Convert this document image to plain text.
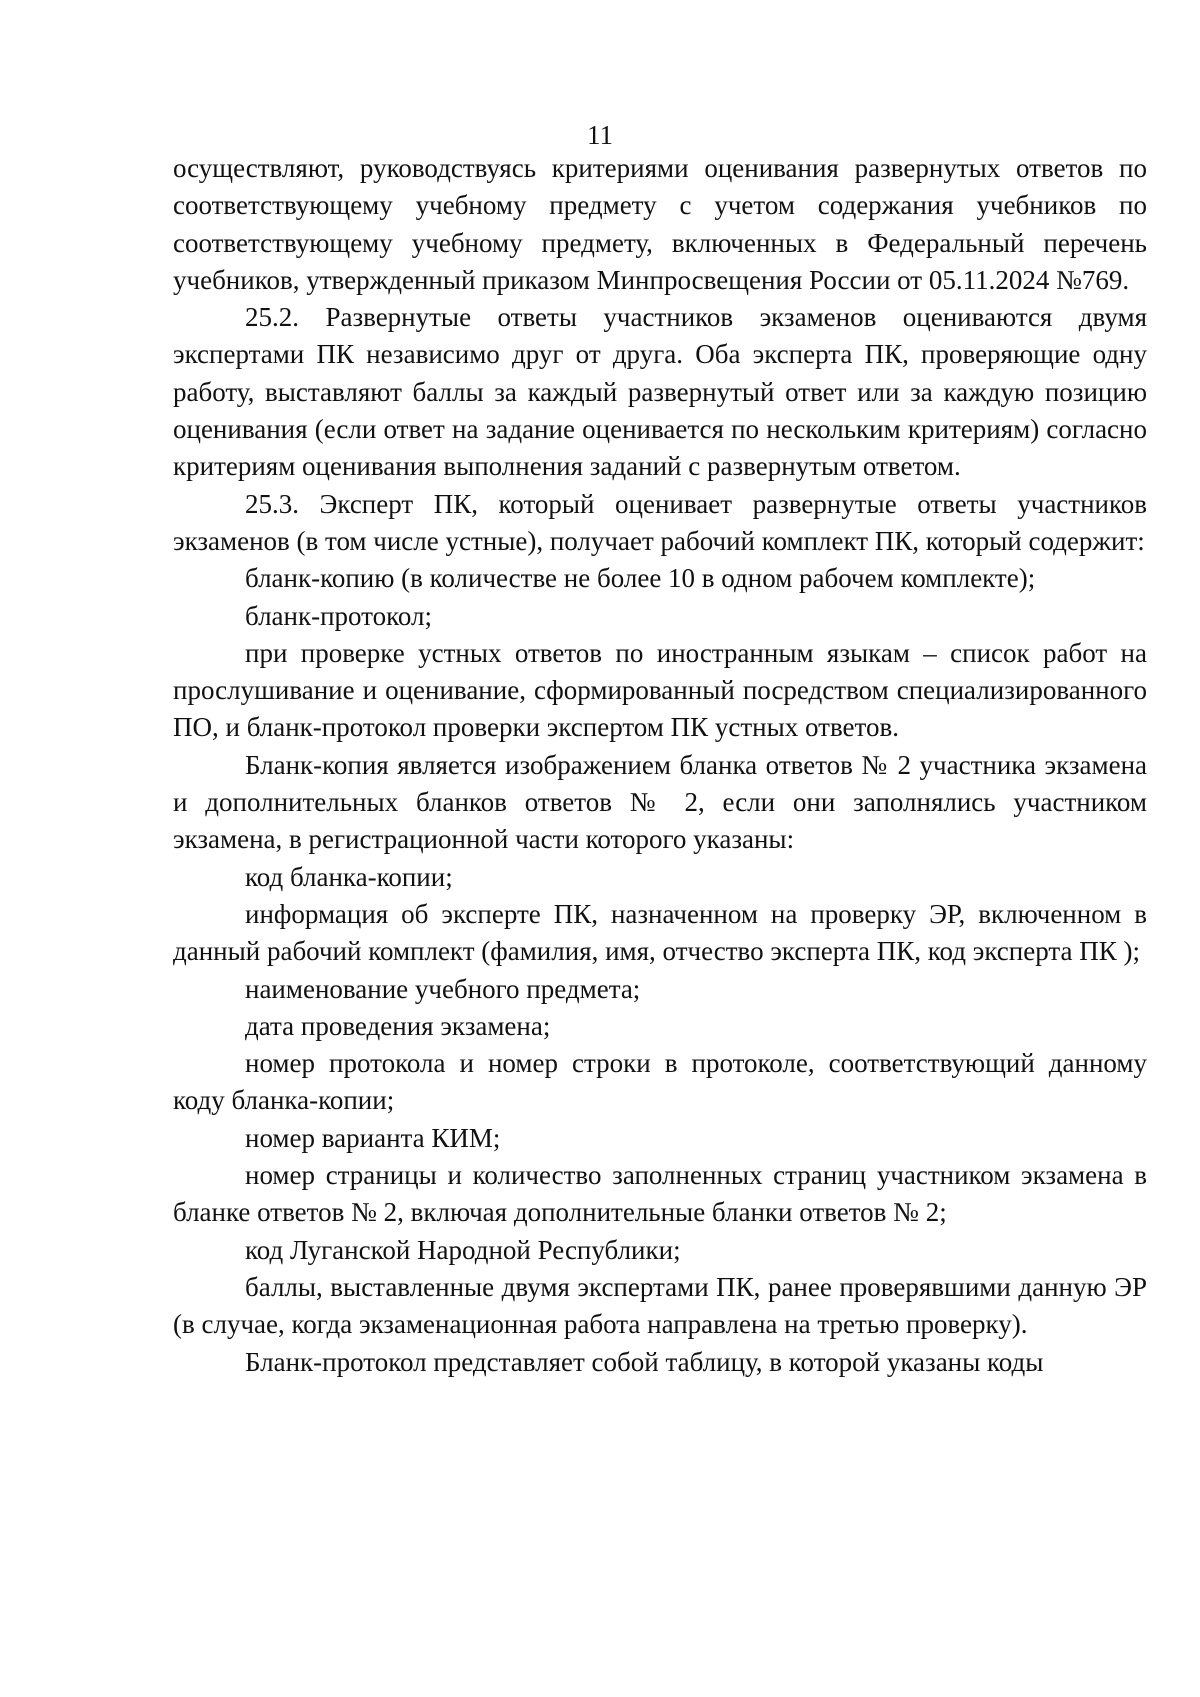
11

осуществляют, руководствуясь критериями оценивания развернутых ответов по соответствующему учебному предмету с учетом содержания учебников по соответствующему учебному предмету, включенных в Федеральный перечень учебников, утвержденный приказом Минпросвещения России от 05.11.2024 №769.

25.2. Развернутые ответы участников экзаменов оцениваются двумя экспертами ПК независимо друг от друга. Оба эксперта ПК, проверяющие одну работу, выставляют баллы за каждый развернутый ответ или за каждую позицию оценивания (если ответ на задание оценивается по нескольким критериям) согласно критериям оценивания выполнения заданий с развернутым ответом.

25.3. Эксперт ПК, который оценивает развернутые ответы участников экзаменов (в том числе устные), получает рабочий комплект ПК, который содержит:

бланк-копию (в количестве не более 10 в одном рабочем комплекте);

бланк-протокол;

при проверке устных ответов по иностранным языкам – список работ на прослушивание и оценивание, сформированный посредством специализированного ПО, и бланк-протокол проверки экспертом ПК устных ответов.

Бланк-копия является изображением бланка ответов № 2 участника экзамена и дополнительных бланков ответов № 2, если они заполнялись участником экзамена, в регистрационной части которого указаны:

код бланка-копии;

информация об эксперте ПК, назначенном на проверку ЭР, включенном в данный рабочий комплект (фамилия, имя, отчество эксперта ПК, код эксперта ПК );

наименование учебного предмета;

дата проведения экзамена;

номер протокола и номер строки в протоколе, соответствующий данному коду бланка-копии;

номер варианта КИМ;

номер страницы и количество заполненных страниц участником экзамена в бланке ответов № 2, включая дополнительные бланки ответов № 2;

код Луганской Народной Республики;

баллы, выставленные двумя экспертами ПК, ранее проверявшими данную ЭР (в случае, когда экзаменационная работа направлена на третью проверку).

Бланк-протокол представляет собой таблицу, в которой указаны коды
